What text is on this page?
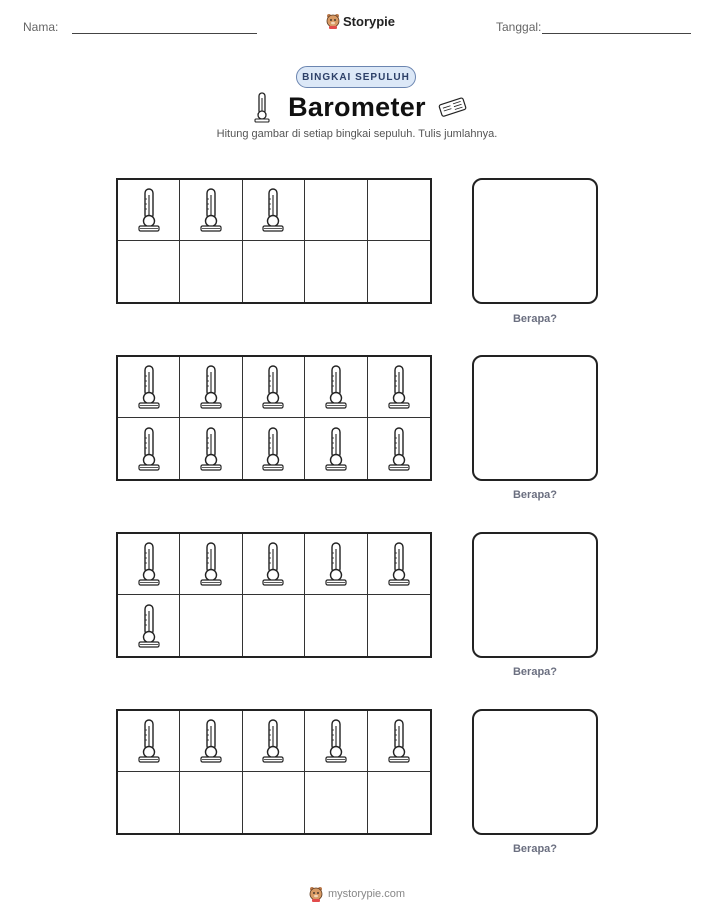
Nama:	Storypie	Tanggal:
BINGKAI SEPULUH
Barometer
Hitung gambar di setiap bingkai sepuluh. Tulis jumlahnya.
Berapa?
Berapa?
Berapa?
Berapa?
mystorypie.com
